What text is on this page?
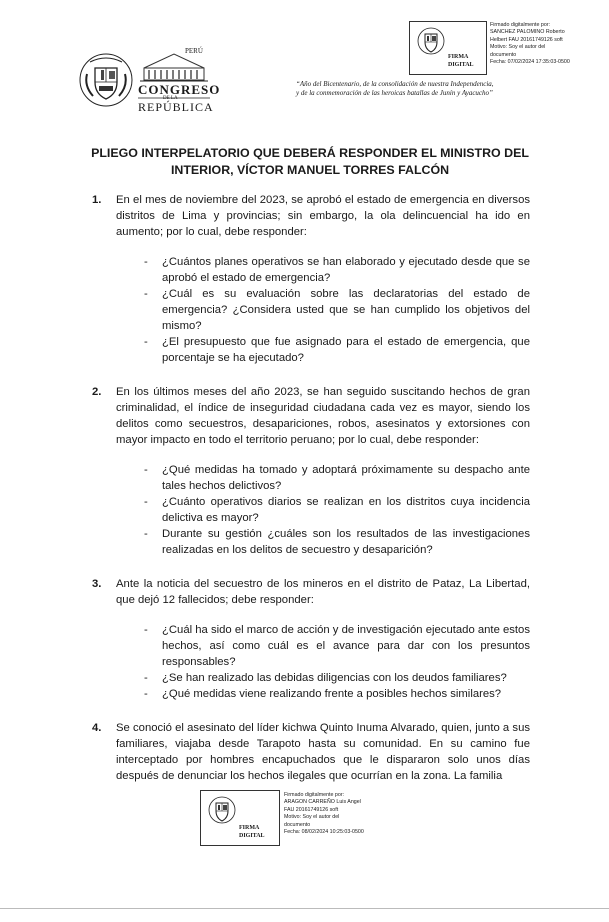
PERÚ
CONGRESO
DE LA
REPÚBLICA
FIRMA
DIGITAL
Firmado digitalmente por:
SANCHEZ PALOMINO Roberto
Helbert FAU 20161749126 soft
Motivo: Soy el autor del
documento
Fecha: 07/02/2024 17:35:03-0500
“Año del Bicentenario, de la consolidación de nuestra Independencia,
y de la conmemoración de las heroicas batallas de Junín y Ayacucho”
PLIEGO INTERPELATORIO QUE DEBERÁ RESPONDER EL MINISTRO DEL
INTERIOR, VÍCTOR MANUEL TORRES FALCÓN
1. En el mes de noviembre del 2023, se aprobó el estado de emergencia en diversos distritos de Lima y provincias; sin embargo, la ola delincuencial ha ido en aumento; por lo cual, debe responder:
- ¿Cuántos planes operativos se han elaborado y ejecutado desde que se aprobó el estado de emergencia?
- ¿Cuál es su evaluación sobre las declaratorias del estado de emergencia? ¿Considera usted que se han cumplido los objetivos del mismo?
- ¿El presupuesto que fue asignado para el estado de emergencia, que porcentaje se ha ejecutado?
2. En los últimos meses del año 2023, se han seguido suscitando hechos de gran criminalidad, el índice de inseguridad ciudadana cada vez es mayor, siendo los delitos como secuestros, desapariciones, robos, asesinatos y extorsiones con mayor impacto en todo el territorio peruano; por lo cual, debe responder:
- ¿Qué medidas ha tomado y adoptará próximamente su despacho ante tales hechos delictivos?
- ¿Cuánto operativos diarios se realizan en los distritos cuya incidencia delictiva es mayor?
- Durante su gestión ¿cuáles son los resultados de las investigaciones realizadas en los delitos de secuestro y desaparición?
3. Ante la noticia del secuestro de los mineros en el distrito de Pataz, La Libertad, que dejó 12 fallecidos; debe responder:
- ¿Cuál ha sido el marco de acción y de investigación ejecutado ante estos hechos, así como cuál es el avance para dar con los presuntos responsables?
- ¿Se han realizado las debidas diligencias con los deudos familiares?
- ¿Qué medidas viene realizando frente a posibles hechos similares?
4. Se conoció el asesinato del líder kichwa Quinto Inuma Alvarado, quien, junto a sus familiares, viajaba desde Tarapoto hasta su comunidad. En su camino fue interceptado por hombres encapuchados que le dispararon solo unos días después de denunciar los hechos ilegales que ocurrían en la zona. La familia
FIRMA
DIGITAL
Firmado digitalmente por:
ARAGON CARREÑO Luis Angel
FAU 20161749126 soft
Motivo: Soy el autor del
documento
Fecha: 08/02/2024 10:25:03-0500
